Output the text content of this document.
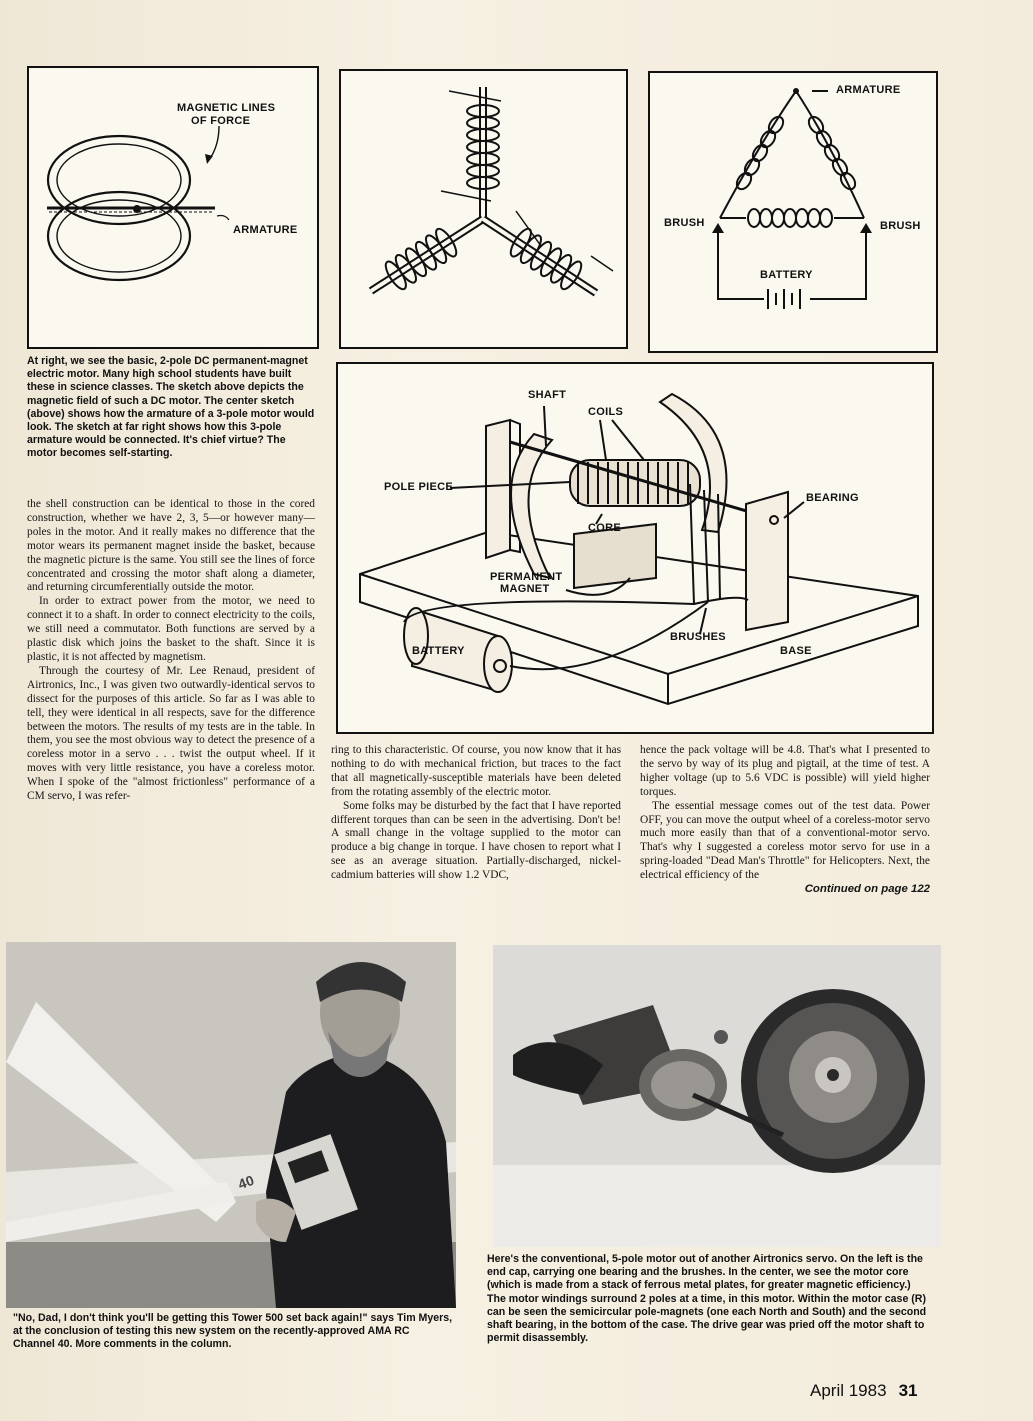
MAGNETIC LINES
OF FORCE
ARMATURE
ARMATURE
BRUSH	BRUSH
BATTERY
At right, we see the basic, 2-pole DC permanent-magnet electric motor. Many high school students have built these in science classes. The sketch above depicts the magnetic field of such a DC motor. The center sketch (above) shows how the armature of a 3-pole motor would look. The sketch at far right shows how this 3-pole armature would be connected. It's chief virtue? The motor becomes self-starting.
SHAFT
COILS
POLE PIECE
BEARING
CORE
PERMANENT
MAGNET
BATTERY
BRUSHES
BASE

the shell construction can be identical to those in the cored construction, whether we have 2, 3, 5—or however many—poles in the motor. And it really makes no difference that the motor wears its permanent magnet inside the basket, because the magnetic picture is the same. You still see the lines of force concentrated and crossing the motor shaft along a diameter, and returning circumferentially outside the motor.

In order to extract power from the motor, we need to connect it to a shaft. In order to connect electricity to the coils, we still need a commutator. Both functions are served by a plastic disk which joins the basket to the shaft. Since it is plastic, it is not affected by magnetism.

Through the courtesy of Mr. Lee Renaud, president of Airtronics, Inc., I was given two outwardly-identical servos to dissect for the purposes of this article. So far as I was able to tell, they were identical in all respects, save for the difference between the motors. The results of my tests are in the table. In them, you see the most obvious way to detect the presence of a coreless motor in a servo . . . twist the output wheel. If it moves with very little resistance, you have a coreless motor. When I spoke of the "almost frictionless" performance of a CM servo, I was refer-

ring to this characteristic. Of course, you now know that it has nothing to do with mechanical friction, but traces to the fact that all magnetically-susceptible materials have been deleted from the rotating assembly of the electric motor.

Some folks may be disturbed by the fact that I have reported different torques than can be seen in the advertising. Don't be! A small change in the voltage supplied to the motor can produce a big change in torque. I have chosen to report what I see as an average situation. Partially-discharged, nickel-cadmium batteries will show 1.2 VDC,

hence the pack voltage will be 4.8. That's what I presented to the servo by way of its plug and pigtail, at the time of test. A higher voltage (up to 5.6 VDC is possible) will yield higher torques.

The essential message comes out of the test data. Power OFF, you can move the output wheel of a coreless-motor servo much more easily than that of a conventional-motor servo. That's why I suggested a coreless motor servo for use in a spring-loaded "Dead Man's Throttle" for Helicopters. Next, the electrical efficiency of the

Continued on page 122
40
"No, Dad, I don't think you'll be getting this Tower 500 set back again!" says Tim Myers, at the conclusion of testing this new system on the recently-approved AMA RC Channel 40. More comments in the column.
Here's the conventional, 5-pole motor out of another Airtronics servo. On the left is the end cap, carrying one bearing and the brushes. In the center, we see the motor core (which is made from a stack of ferrous metal plates, for greater magnetic efficiency.) The motor windings surround 2 poles at a time, in this motor. Within the motor case (R) can be seen the semicircular pole-magnets (one each North and South) and the second shaft bearing, in the bottom of the case. The drive gear was pried off the motor shaft to permit disassembly.
April 1983 31
